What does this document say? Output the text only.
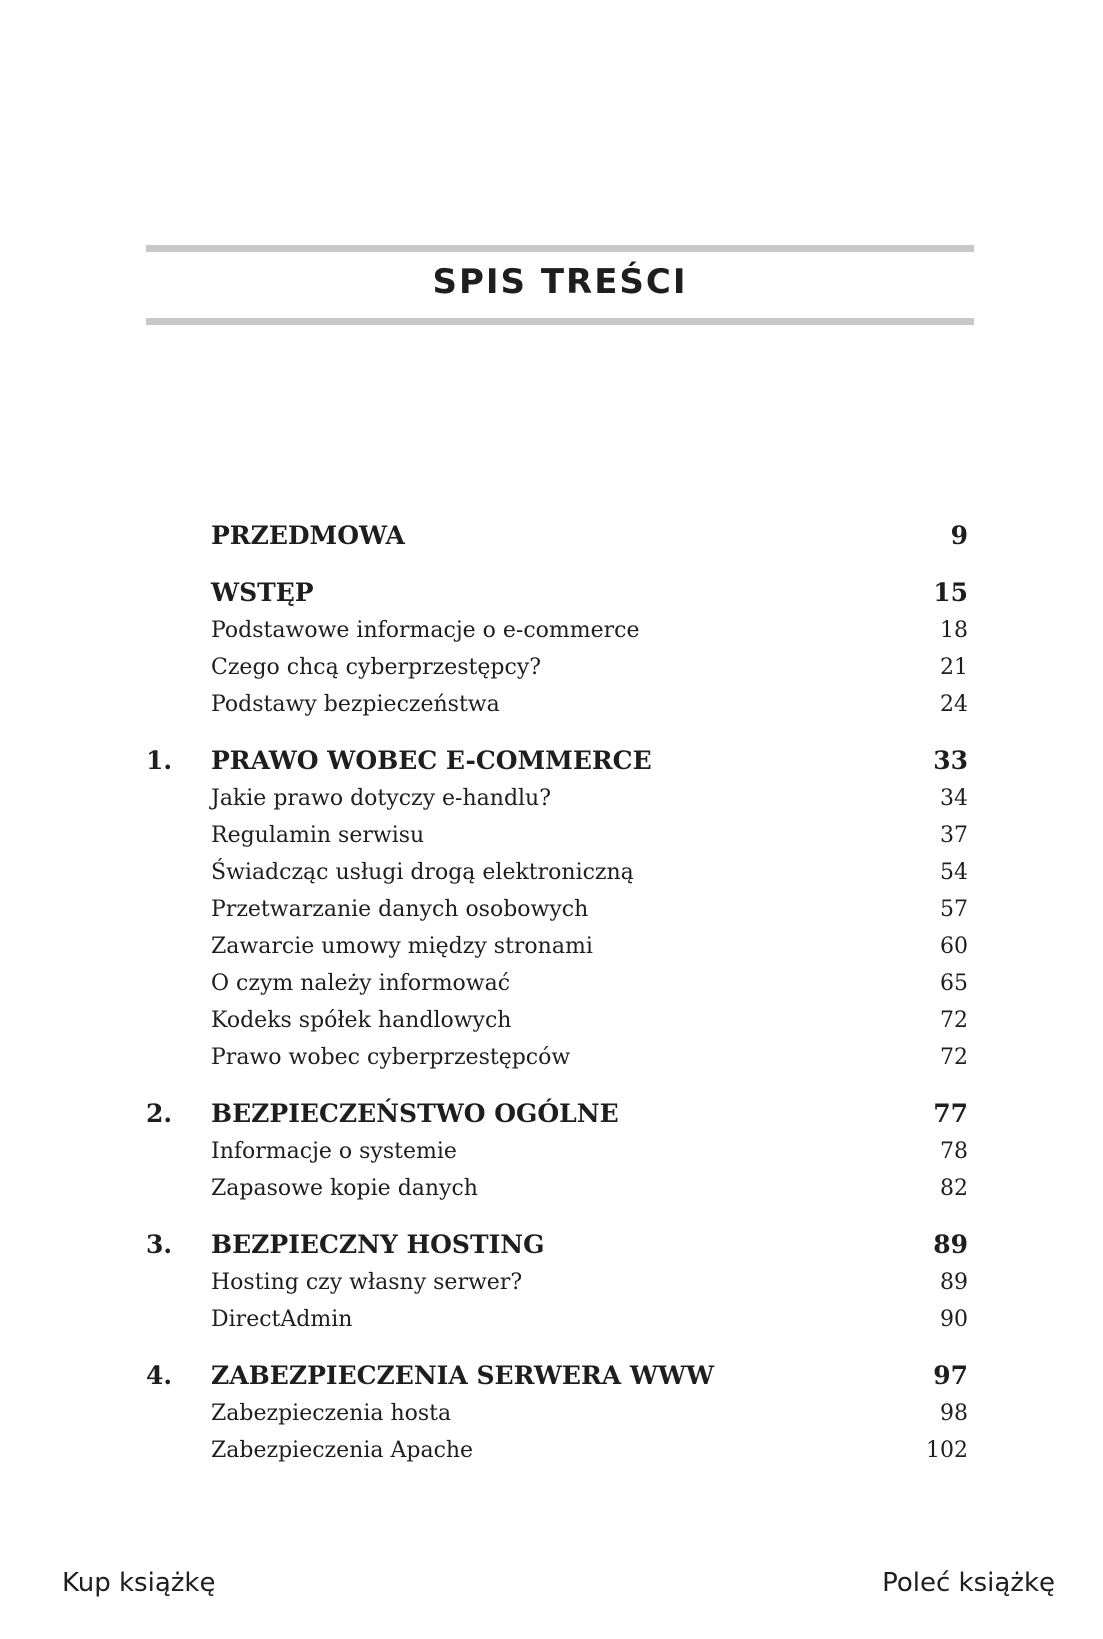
SPIS TREŚCI
PRZEDMOWA	9
WSTĘP	15
Podstawowe informacje o e-commerce	18
Czego chcą cyberprzestępcy?	21
Podstawy bezpieczeństwa	24
1. PRAWO WOBEC E-COMMERCE	33
Jakie prawo dotyczy e-handlu?	34
Regulamin serwisu	37
Świadcząc usługi drogą elektroniczną	54
Przetwarzanie danych osobowych	57
Zawarcie umowy między stronami	60
O czym należy informować	65
Kodeks spółek handlowych	72
Prawo wobec cyberprzestępców	72
2. BEZPIECZEŃSTWO OGÓLNE	77
Informacje o systemie	78
Zapasowe kopie danych	82
3. BEZPIECZNY HOSTING	89
Hosting czy własny serwer?	89
DirectAdmin	90
4. ZABEZPIECZENIA SERWERA WWW	97
Zabezpieczenia hosta	98
Zabezpieczenia Apache	102
Kup książkę	Poleć książkę
